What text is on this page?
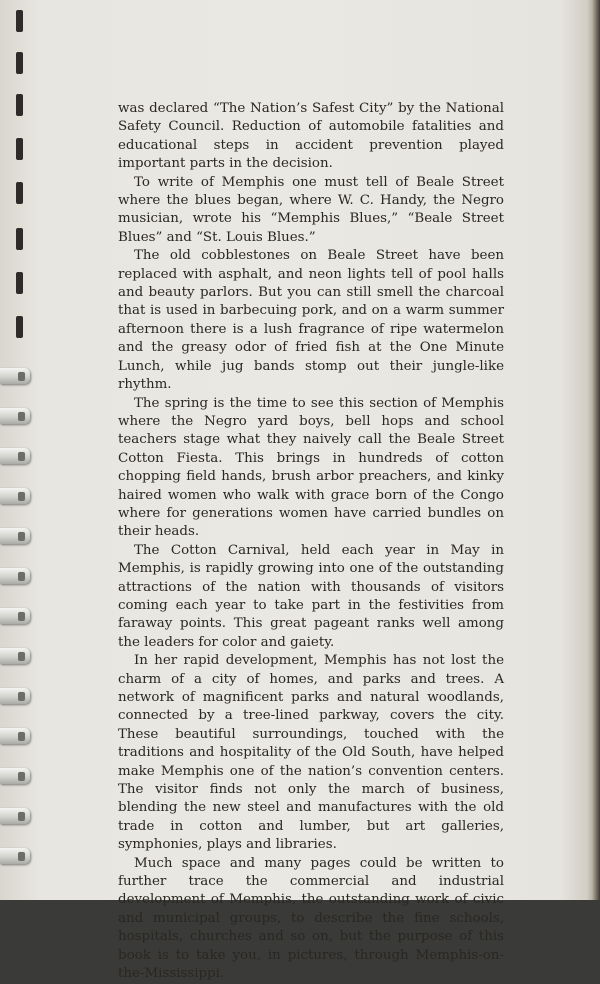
was declared “The Nation’s Safest City” by the National Safety Council. Reduction of automobile fatalities and educational steps in accident prevention played important parts in the decision.

To write of Memphis one must tell of Beale Street where the blues began, where W. C. Handy, the Negro musician, wrote his “Memphis Blues,” “Beale Street Blues” and “St. Louis Blues.”

The old cobblestones on Beale Street have been replaced with asphalt, and neon lights tell of pool halls and beauty parlors. But you can still smell the charcoal that is used in barbecuing pork, and on a warm summer afternoon there is a lush fragrance of ripe watermelon and the greasy odor of fried fish at the One Minute Lunch, while jug bands stomp out their jungle-like rhythm.

The spring is the time to see this section of Memphis where the Negro yard boys, bell hops and school teachers stage what they naively call the Beale Street Cotton Fiesta. This brings in hundreds of cotton chopping field hands, brush arbor preachers, and kinky haired women who walk with grace born of the Congo where for generations women have carried bundles on their heads.

The Cotton Carnival, held each year in May in Memphis, is rapidly growing into one of the outstanding attractions of the nation with thousands of visitors coming each year to take part in the festivities from faraway points. This great pageant ranks well among the leaders for color and gaiety.

In her rapid development, Memphis has not lost the charm of a city of homes, and parks and trees. A network of magnificent parks and natural woodlands, connected by a tree-lined parkway, covers the city. These beautiful surroundings, touched with the traditions and hospitality of the Old South, have helped make Memphis one of the nation’s convention centers. The visitor finds not only the march of business, blending the new steel and manufactures with the old trade in cotton and lumber, but art galleries, symphonies, plays and libraries.

Much space and many pages could be written to further trace the commercial and industrial development of Memphis, the outstanding work of civic and municipal groups, to describe the fine schools, hospitals, churches and so on, but the purpose of this book is to take you, in pictures, through Memphis-on-the-Mississippi.
